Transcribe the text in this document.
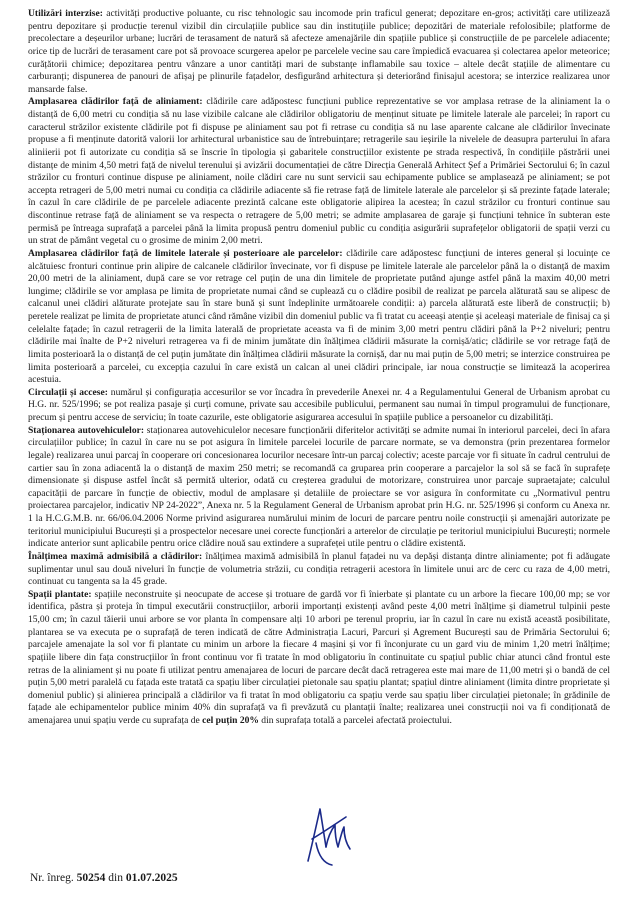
Utilizări interzise: activități productive poluante, cu risc tehnologic sau incomode prin traficul generat; depozitare en-gros; activități care utilizează pentru depozitare și producție terenul vizibil din circulațiile publice sau din instituțiile publice; depozitări de materiale refolosibile; platforme de precolectare a deșeurilor urbane; lucrări de terasament de natură să afecteze amenajările din spațiile publice și construcțiile de pe parcelele adiacente; orice tip de lucrări de terasament care pot să provoace scurgerea apelor pe parcelele vecine sau care împiedică evacuarea și colectarea apelor meteorice; curățătorii chimice; depozitarea pentru vânzare a unor cantități mari de substanțe inflamabile sau toxice – altele decât stațiile de alimentare cu carburanți; dispunerea de panouri de afișaj pe plinurile fațadelor, desfigurând arhitectura și deteriorând finisajul acestora; se interzice realizarea unor mansarde false.

Amplasarea clădirilor față de aliniament: clădirile care adăpostesc funcțiuni publice reprezentative se vor amplasa retrase de la aliniament la o distanță de 6,00 metri cu condiția să nu lase vizibile calcane ale clădirilor obligatoriu de menținut situate pe limitele laterale ale parcelei; în raport cu caracterul străzilor existente clădirile pot fi dispuse pe aliniament sau pot fi retrase cu condiția să nu lase aparente calcane ale clădirilor învecinate propuse a fi menținute datorită valorii lor arhitectural urbanistice sau de întrebuințare; retragerile sau ieșirile la nivelele de deasupra parterului în afara aliniierii pot fi autorizate cu condiția să se înscrie în tipologia și gabaritele construcțiilor existente pe strada respectivă, în condițiile păstrării unei distanțe de minim 4,50 metri față de nivelul terenului și avizării documentației de către Direcția Generală Arhitect Șef a Primăriei Sectorului 6; în cazul străzilor cu fronturi continue dispuse pe aliniament, noile clădiri care nu sunt servicii sau echipamente publice se amplasează pe aliniament; se pot accepta retrageri de 5,00 metri numai cu condiția ca clădirile adiacente să fie retrase față de limitele laterale ale parcelelor și să prezinte fațade laterale; în cazul în care clădirile de pe parcelele adiacente prezintă calcane este obligatorie alipirea la acestea; în cazul străzilor cu fronturi continue sau discontinue retrase față de aliniament se va respecta o retragere de 5,00 metri; se admite amplasarea de garaje și funcțiuni tehnice în subteran este permisă pe întreaga suprafață a parcelei până la limita propusă pentru domeniul public cu condiția asigurării suprafețelor obligatorii de spații verzi cu un strat de pământ vegetal cu o grosime de minim 2,00 metri.

Amplasarea clădirilor față de limitele laterale și posterioare ale parcelelor: clădirile care adăpostesc funcțiuni de interes general și locuințe ce alcătuiesc fronturi continue prin alipire de calcanele clădirilor învecinate, vor fi dispuse pe limitele laterale ale parcelelor până la o distanță de maxim 20,00 metri de la aliniament, după care se vor retrage cel puțin de una din limitele de proprietate putând ajunge astfel până la maxim 40,00 metri lungime; clădirile se vor amplasa pe limita de proprietate numai când se cuplează cu o clădire posibil de realizat pe parcela alăturată sau se alipesc de calcanul unei clădiri alăturate protejate sau în stare bună și sunt îndeplinite următoarele condiții: a) parcela alăturată este liberă de construcții; b) peretele realizat pe limita de proprietate atunci când rămâne vizibil din domeniul public va fi tratat cu aceeași atenție și aceleași materiale de finisaj ca și celelalte fațade; în cazul retragerii de la limita laterală de proprietate aceasta va fi de minim 3,00 metri pentru clădiri până la P+2 niveluri; pentru clădirile mai înalte de P+2 niveluri retragerea va fi de minim jumătate din înălțimea clădirii măsurate la cornișă/atic; clădirile se vor retrage față de limita posterioară la o distanță de cel puțin jumătate din înălțimea clădirii măsurate la cornișă, dar nu mai puțin de 5,00 metri; se interzice construirea pe limita posterioară a parcelei, cu excepția cazului în care există un calcan al unei clădiri principale, iar noua construcție se limitează la acoperirea acestuia.

Circulații și accese: numărul și configurația accesurilor se vor încadra în prevederile Anexei nr. 4 a Regulamentului General de Urbanism aprobat cu H.G. nr. 525/1996; se pot realiza pasaje și curți comune, private sau accesibile publicului, permanent sau numai în timpul programului de funcționare, precum și pentru accese de serviciu; în toate cazurile, este obligatorie asigurarea accesului în spațiile publice a persoanelor cu dizabilități.

Staționarea autovehiculelor: staționarea autovehiculelor necesare funcționării diferitelor activități se admite numai în interiorul parcelei, deci în afara circulațiilor publice; în cazul în care nu se pot asigura în limitele parcelei locurile de parcare normate, se va demonstra (prin prezentarea formelor legale) realizarea unui parcaj în cooperare ori concesionarea locurilor necesare într-un parcaj colectiv; aceste parcaje vor fi situate în cadrul centrului de cartier sau în zona adiacentă la o distanță de maxim 250 metri; se recomandă ca gruparea prin cooperare a parcajelor la sol să se facă în suprafețe dimensionate și dispuse astfel încât să permită ulterior, odată cu creșterea gradului de motorizare, construirea unor parcaje supraetajate; calculul capacității de parcare în funcție de obiectiv, modul de amplasare și detaliile de proiectare se vor asigura în conformitate cu „Normativul pentru proiectarea parcajelor, indicativ NP 24-2022”, Anexa nr. 5 la Regulament General de Urbanism aprobat prin H.G. nr. 525/1996 și conform cu Anexa nr. 1 la H.C.G.M.B. nr. 66/06.04.2006 Norme privind asigurarea numărului minim de locuri de parcare pentru noile construcții și amenajări autorizate pe teritoriul municipiului București și a prospectelor necesare unei corecte funcționări a arterelor de circulație pe teritoriul municipiului București; normele indicate anterior sunt aplicabile pentru orice clădire nouă sau extindere a suprafeței utile pentru o clădire existentă.

Înălțimea maximă admisibilă a clădirilor: înălțimea maximă admisibilă în planul fațadei nu va depăși distanța dintre aliniamente; pot fi adăugate suplimentar unul sau două niveluri în funcție de volumetria străzii, cu condiția retragerii acestora în limitele unui arc de cerc cu raza de 4,00 metri, continuat cu tangenta sa la 45 grade.

Spații plantate: spațiile neconstruite și neocupate de accese și trotuare de gardă vor fi înierbate și plantate cu un arbore la fiecare 100,00 mp; se vor identifica, păstra și proteja în timpul executării construcțiilor, arborii importanți existenți având peste 4,00 metri înălțime și diametrul tulpinii peste 15,00 cm; în cazul tăierii unui arbore se vor planta în compensare alți 10 arbori pe terenul propriu, iar în cazul în care nu există această posibilitate, plantarea se va executa pe o suprafață de teren indicată de către Administrația Lacuri, Parcuri și Agrement București sau de Primăria Sectorului 6; parcajele amenajate la sol vor fi plantate cu minim un arbore la fiecare 4 mașini și vor fi înconjurate cu un gard viu de minim 1,20 metri înălțime; spațiile libere din fața construcțiilor în front continuu vor fi tratate în mod obligatoriu în continuitate cu spațiul public chiar atunci când frontul este retras de la aliniament și nu poate fi utilizat pentru amenajarea de locuri de parcare decât dacă retragerea este mai mare de 11,00 metri și o bandă de cel puțin 5,00 metri paralelă cu fațada este tratată ca spațiu liber circulației pietonale sau spațiu plantat; spațiul dintre aliniament (limita dintre proprietate și domeniul public) și alinierea principală a clădirilor va fi tratat în mod obligatoriu ca spațiu verde sau spațiu liber circulației pietonale; în grădinile de fațade ale echipamentelor publice minim 40% din suprafață va fi prevăzută cu plantații înalte; realizarea unei construcții noi va fi condiționată de amenajarea unui spațiu verde cu suprafața de cel puțin 20% din suprafața totală a parcelei afectată proiectului.

Nr. înreg. 50254 din 01.07.2025
